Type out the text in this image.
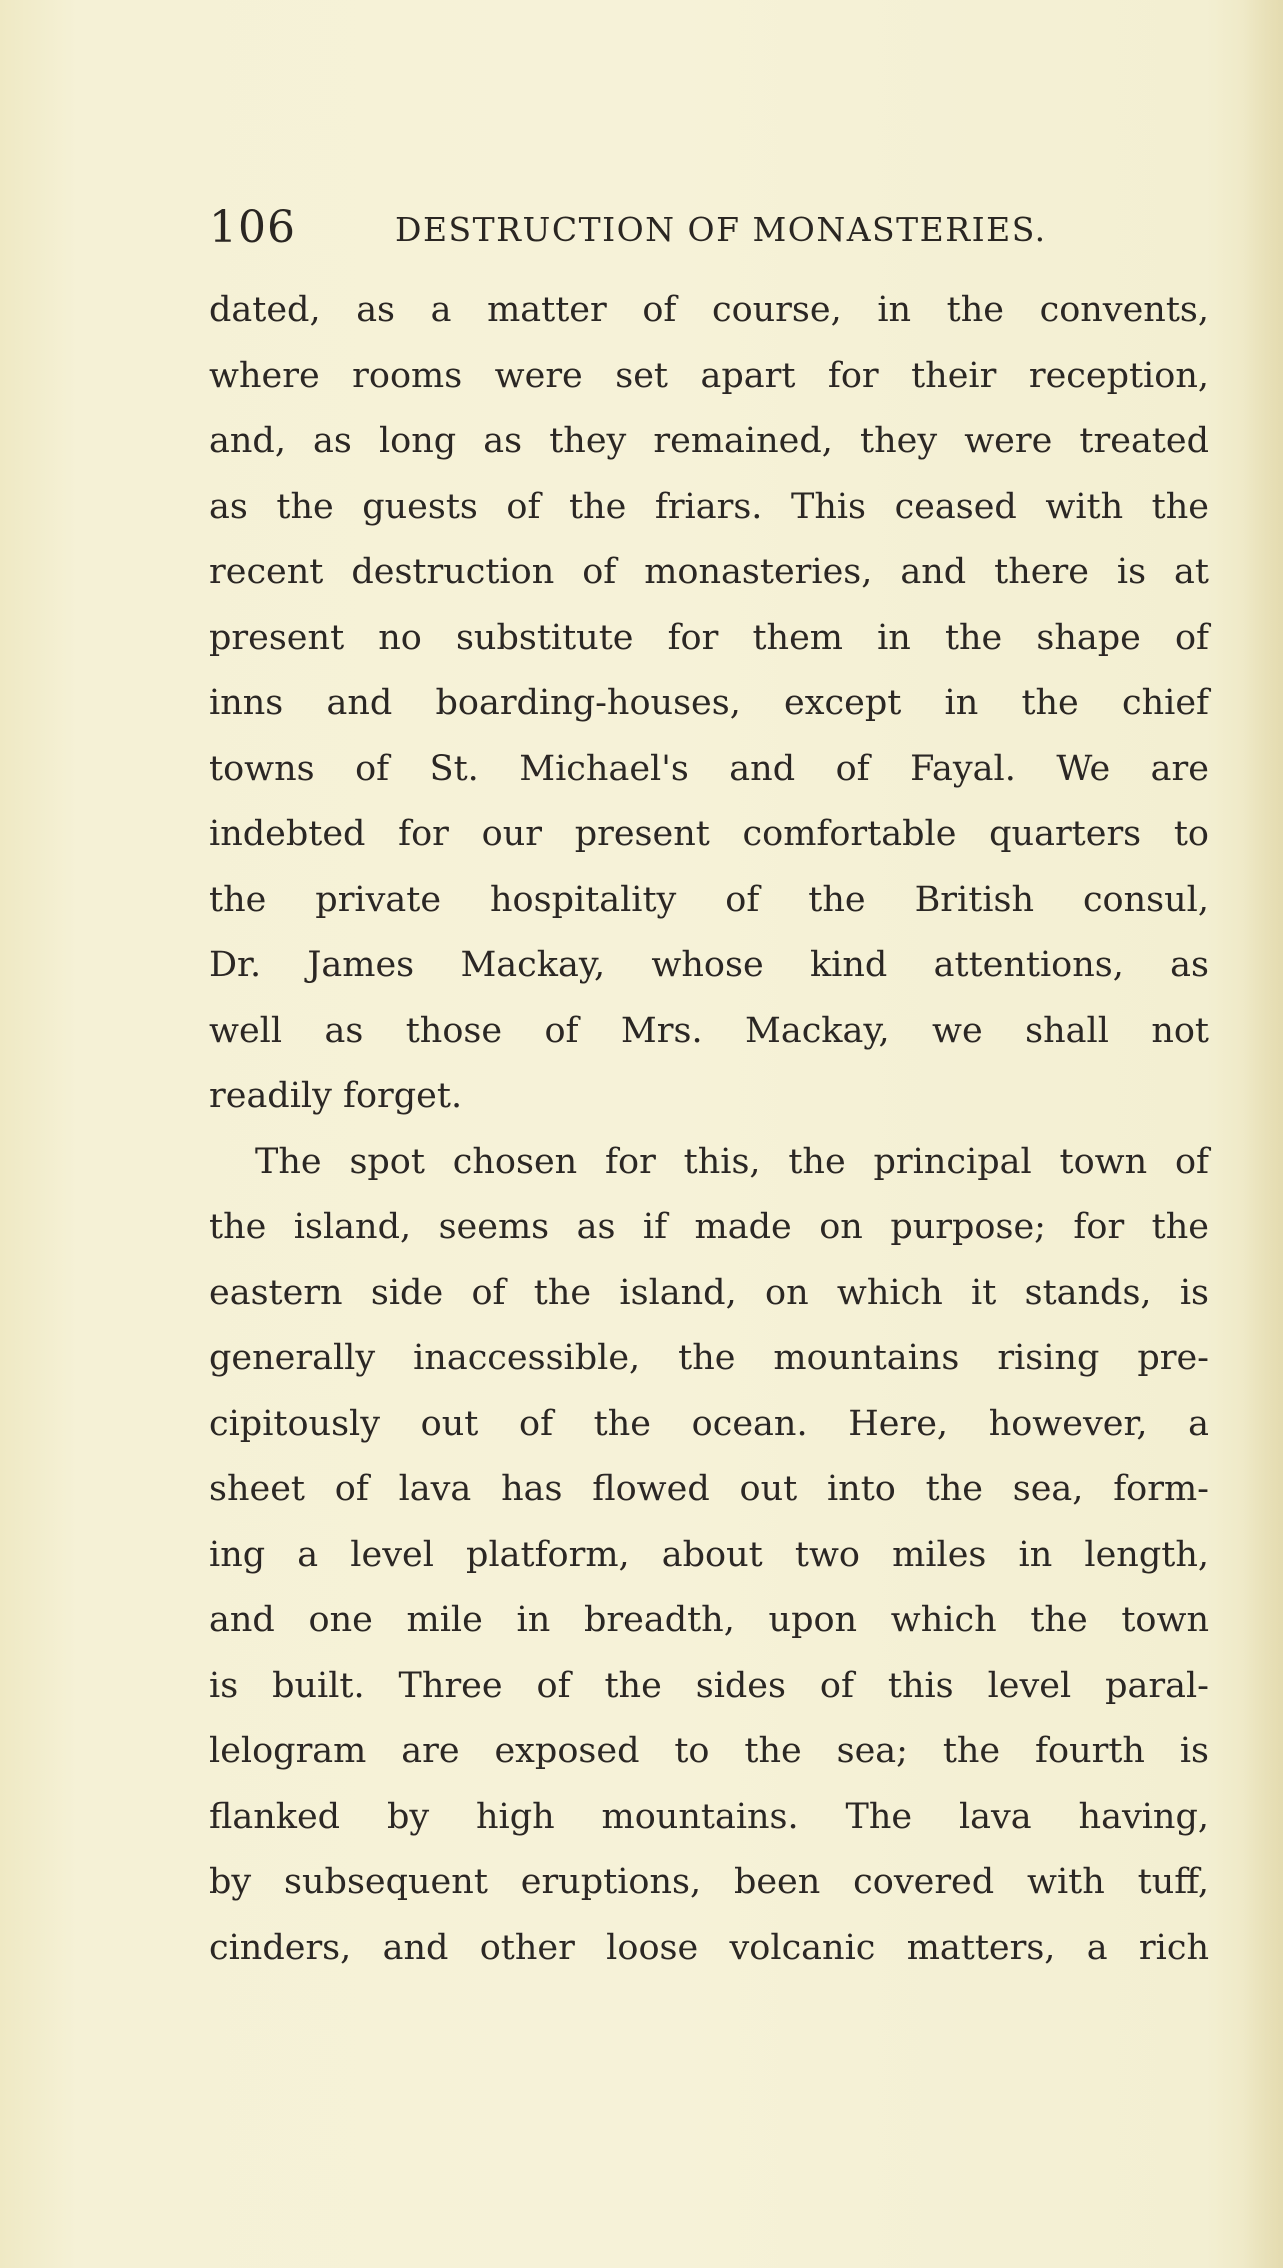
106	DESTRUCTION OF MONASTERIES.
dated, as a matter of course, in the convents,
where rooms were set apart for their reception,
and, as long as they remained, they were treated
as the guests of the friars. This ceased with the
recent destruction of monasteries, and there is at
present no substitute for them in the shape of
inns and boarding-houses, except in the chief
towns of St. Michael's and of Fayal. We are
indebted for our present comfortable quarters to
the private hospitality of the British consul,
Dr. James Mackay, whose kind attentions, as
well as those of Mrs. Mackay, we shall not
readily forget.
The spot chosen for this, the principal town of
the island, seems as if made on purpose; for the
eastern side of the island, on which it stands, is
generally inaccessible, the mountains rising pre-
cipitously out of the ocean. Here, however, a
sheet of lava has flowed out into the sea, form-
ing a level platform, about two miles in length,
and one mile in breadth, upon which the town
is built. Three of the sides of this level paral-
lelogram are exposed to the sea; the fourth is
flanked by high mountains. The lava having,
by subsequent eruptions, been covered with tuff,
cinders, and other loose volcanic matters, a rich
